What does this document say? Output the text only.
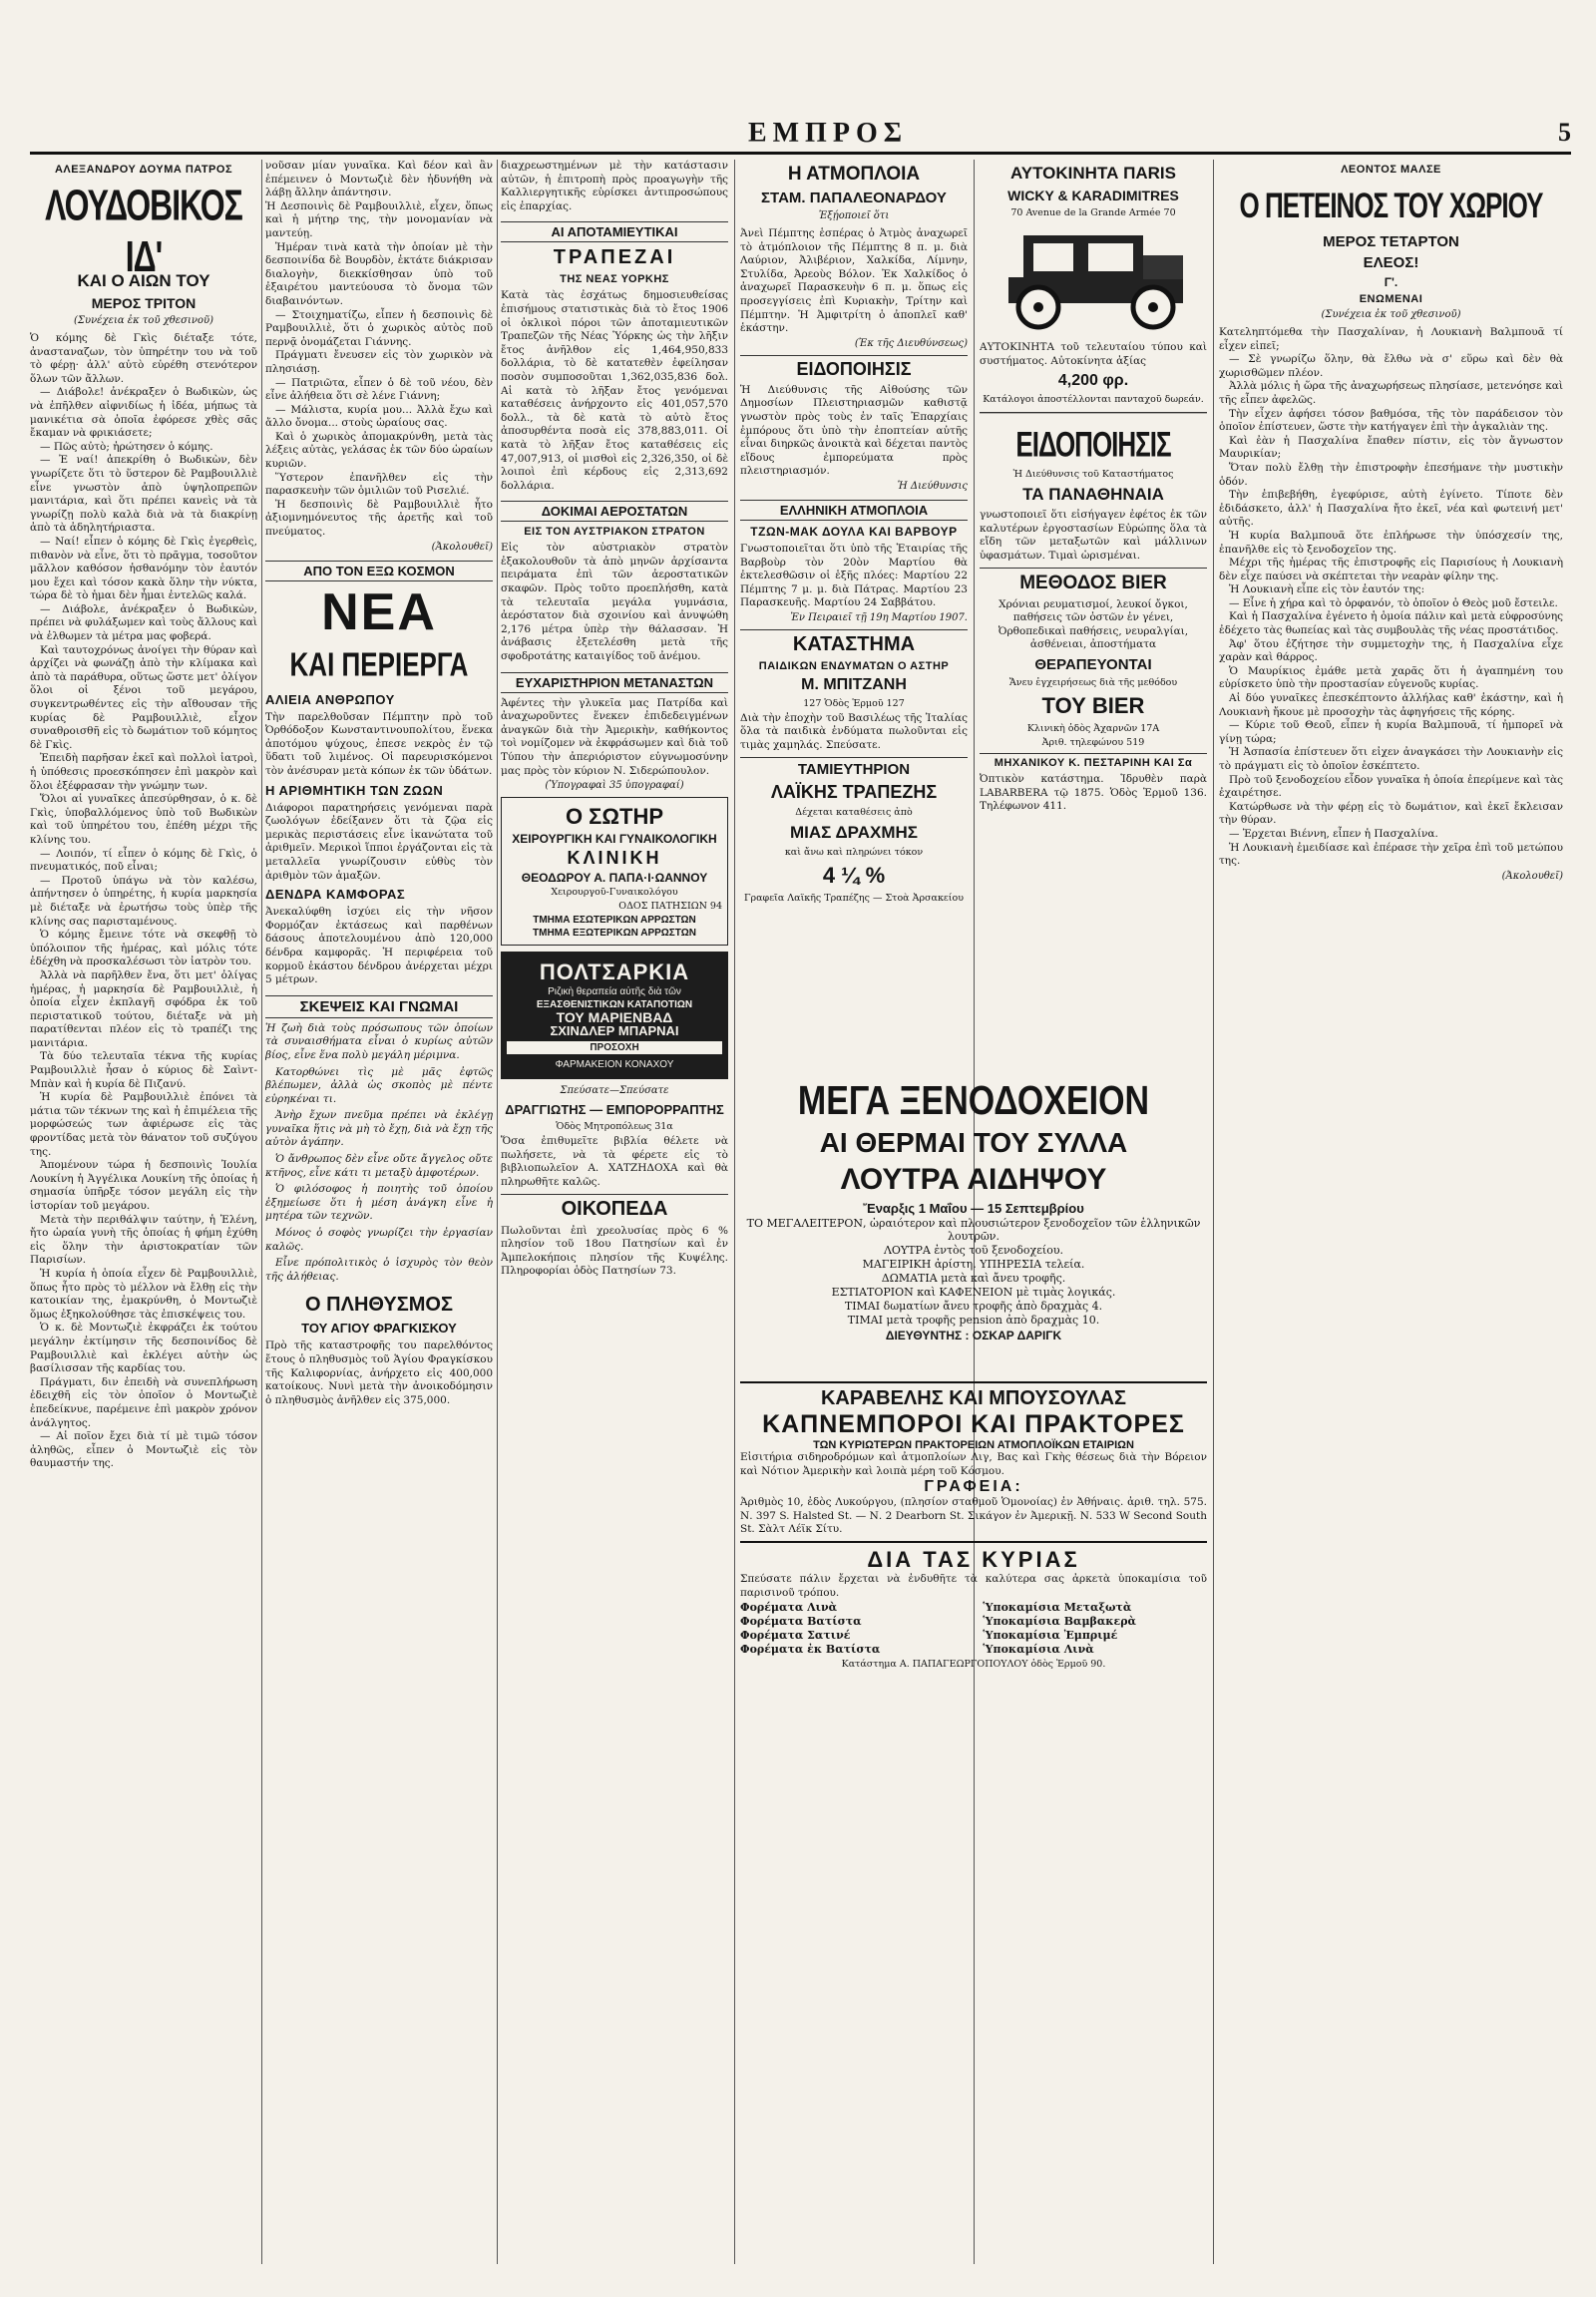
ΕΜΠΡΟΣ	5
ΑΛΕΞΑΝΔΡΟΥ ΔΟΥΜΑ ΠΑΤΡΟΣ
ΛΟΥΔΟΒΙΚΟΣ ΙΔ'
ΚΑΙ Ο ΑΙΩΝ ΤΟΥ
ΜΕΡΟΣ ΤΡΙΤΟΝ
(Συνέχεια ἐκ τοῦ χθεσινοῦ)

Ὁ κόμης δὲ Γκὶς διέταξε τότε, ἀνασταναζων, τὸν ὑπηρέτην του νὰ τοῦ τὸ φέρῃ· ἀλλ' αὐτὸ εὑρέθη στενότερον ὅλων τῶν ἄλλων.

— Διάβολε! ἀνέκραξεν ὁ Βωδικὼν, ὡς νὰ ἐπῆλθεν αἰφνιδίως ἡ ἰδέα, μήπως τὰ μανικέτια σὰ ὁποῖα ἐφόρεσε χθὲς σᾶς ἔκαμαν νὰ φρικιάσετε;

— Πῶς αὐτὸ; ἠρώτησεν ὁ κόμης.

— Ἐ ναί! ἀπεκρίθη ὁ Βωδικὼν, δὲν γνωρίζετε ὅτι τὸ ὕστερον δὲ Ραμβουιλλιὲ εἶνε γνωστὸν ἀπὸ ὑψηλοπρεπῶν μανιτάρια, καὶ ὅτι πρέπει κανεὶς νὰ τὰ γνωρίζῃ πολὺ καλὰ διὰ νὰ τὰ διακρίνῃ ἀπὸ τὰ ἀδηλητήριαστα.

— Ναί! εἶπεν ὁ κόμης δὲ Γκὶς ἐγερθεὶς, πιθανὸν νὰ εἶνε, ὅτι τὸ πρᾶγμα, τοσοῦτον μᾶλλον καθόσον ἠσθανόμην τὸν ἑαυτόν μου ἔχει καὶ τόσον κακὰ ὅλην τὴν νύκτα, τώρα δὲ τὸ ἡμαι δὲν ἦμαι ἐντελῶς καλά.

— Διάβολε, ἀνέκραξεν ὁ Βωδικὼν, πρέπει νὰ φυλάξωμεν καὶ τοὺς ἄλλους καὶ νὰ ἐλθωμεν τὰ μέτρα μας φοβερά.

Καὶ ταυτοχρόνως ἀνοίγει τὴν θύραν καὶ ἀρχίζει νὰ φωνάζῃ ἀπὸ τὴν κλίμακα καὶ ἀπὸ τὰ παράθυρα, οὕτως ὥστε μετ' ὀλίγον ὅλοι οἱ ξένοι τοῦ μεγάρου, συγκεντρωθέντες εἰς τὴν αἴθουσαν τῆς κυρίας δὲ Ραμβουιλλιὲ, εἶχον συναθροισθῆ εἰς τὸ δωμάτιον τοῦ κόμητος δὲ Γκὶς.

Ἐπειδὴ παρῆσαν ἐκεῖ καὶ πολλοὶ ἰατροὶ, ἡ ὑπόθεσις προεσκόπησεν ἐπὶ μακρὸν καὶ ὅλοι ἐξέφρασαν τὴν γνώμην των.

Ὅλοι αἱ γυναῖκες ἀπεσύρθησαν, ὁ κ. δὲ Γκὶς, ὑποβαλλόμενος ὑπὸ τοῦ Βωδικὼν καὶ τοῦ ὑπηρέτου του, ἐπέθη μέχρι τῆς κλίνης του.

— Λοιπόν, τί εἶπεν ὁ κόμης δὲ Γκὶς, ὁ πνευματικός, ποῦ εἶναι;

— Προτοῦ ὑπάγω νὰ τὸν καλέσω, ἀπήντησεν ὁ ὑπηρέτης, ἡ κυρία μαρκησία μὲ διέταξε νὰ ἐρωτήσω τοὺς ὑπὲρ τῆς κλίνης σας παρισταμένους.

Ὁ κόμης ἔμεινε τότε νὰ σκεφθῇ τὸ ὑπόλοιπον τῆς ἡμέρας, καὶ μόλις τότε ἐδέχθη νὰ προσκαλέσωσι τὸν ἰατρὸν του.

Ἀλλὰ νὰ παρῆλθεν ἔνα, ὅτι μετ' ὀλίγας ἡμέρας, ἡ μαρκησία δὲ Ραμβουιλλιὲ, ἡ ὁποία εἶχεν ἐκπλαγῆ σφόδρα ἐκ τοῦ περιστατικοῦ τούτου, διέταξε νὰ μὴ παρατίθενται πλέον εἰς τὸ τραπέζι της μανιτάρια.

Τὰ δύο τελευταῖα τέκνα τῆς κυρίας Ραμβουιλλιὲ ἦσαν ὁ κύριος δὲ Σαὶντ-Μπὰν καὶ ἡ κυρία δὲ Πιζανύ.

Ἡ κυρία δὲ Ραμβουιλλιὲ ἐπόνει τὰ μάτια τῶν τέκνων της καὶ ἡ ἐπιμέλεια τῆς μορφώσεώς των ἀφιέρωσε εἰς τὰς φροντίδας μετὰ τὸν θάνατον τοῦ συζύγου της.

Ἀπομένουν τώρα ἡ δεσποινὶς Ἰουλία Λουκίνη ἡ Ἀγγέλικα Λουκίνη τῆς ὁποίας ἡ σημασία ὑπῆρξε τόσον μεγάλη εἰς τὴν ἱστορίαν τοῦ μεγάρου.

Μετὰ τὴν περιθάλψιν ταύτην, ἡ Ἐλένη, ἤτο ὡραία γυνὴ τῆς ὁποίας ἡ φήμη ἐχύθη εἰς ὅλην τὴν ἀριστοκρατίαν τῶν Παρισίων.

Ἡ κυρία ἡ ὁποία εἶχεν δὲ Ραμβουιλλιὲ, ὅπως ἦτο πρὸς τὸ μέλλον νὰ ἔλθῃ εἰς τὴν κατοικίαν της, ἐμακρύνθη, ὁ Μοντωζιὲ ὅμως ἐξηκολούθησε τὰς ἐπισκέψεις του.

Ὁ κ. δὲ Μοντωζιὲ ἐκφράζει ἐκ τούτου μεγάλην ἐκτίμησιν τῆς δεσποινίδος δὲ Ραμβουιλλιὲ καὶ ἐκλέγει αὐτὴν ὡς βασίλισσαν τῆς καρδίας του.

Πράγματι, διν ἐπειδὴ νὰ συνεπλήρωση ἐδειχθῆ εἰς τὸν ὁποῖον ὁ Μοντωζιὲ ἐπεδείκνυε, παρέμεινε ἐπὶ μακρὸν χρόνον ἀνάλγητος.

— Αἱ ποῖον ἔχει διὰ τί μὲ τιμῶ τόσον ἀληθῶς, εἶπεν ὁ Μοντωζιὲ εἰς τὸν θαυμαστήν της.

νοῦσαν μίαν γυναῖκα. Καὶ δέον καὶ ἂν ἐπέμεινεν ὁ Μοντωζιὲ δὲν ἠδυνήθη νὰ λάβῃ ἄλλην ἀπάντησιν.

Ἡ Δεσποινὶς δὲ Ραμβουιλλιὲ, εἶχεν, ὅπως καὶ ἡ μήτηρ της, τὴν μονομανίαν νὰ μαντεύῃ.

Ἡμέραν τινὰ κατὰ τὴν ὁποίαν μὲ τὴν δεσποινίδα δὲ Βουρδὸν, ἐκτάτε διάκρισαν διαλογὴν, διεκκίσθησαν ὑπὸ τοῦ ἐξαιρέτου μαντεύουσα τὸ ὄνομα τῶν διαβαινόντων.

— Στοιχηματίζω, εἶπεν ἡ δεσποινὶς δὲ Ραμβουιλλιὲ, ὅτι ὁ χωρικὸς αὐτὸς ποῦ περνᾷ ὀνομάζεται Γιάννης.

Πράγματι ἔνευσεν εἰς τὸν χωρικὸν νὰ πλησιάσῃ.

— Πατριῶτα, εἶπεν ὁ δὲ τοῦ νέου, δὲν εἶνε ἀλήθεια ὅτι σὲ λένε Γιάννη;

— Μάλιστα, κυρία μου... Ἀλλὰ ἔχω καὶ ἄλλο ὄνομα... στοὺς ὡραίους σας.

Καὶ ὁ χωρικὸς ἀπομακρύνθη, μετὰ τὰς λέξεις αὐτὰς, γελάσας ἐκ τῶν δύο ὡραίων κυριῶν.

Ὕστερον ἐπανῆλθεν εἰς τὴν παρασκευὴν τῶν ὁμιλιῶν τοῦ Ρισελιέ.

Ἡ δεσποινὶς δὲ Ραμβουιλλιὲ ἦτο ἀξιομνημόνευτος τῆς ἀρετῆς καὶ τοῦ πνεύματος.

(Ἀκολουθεῖ)
ΑΠΟ ΤΟΝ ΕΞΩ ΚΟΣΜΟΝ
ΝΕΑ
ΚΑΙ ΠΕΡΙΕΡΓΑ
ΑΛΙΕΙΑ ΑΝΘΡΩΠΟΥ

Τὴν παρελθοῦσαν Πέμπτην πρὸ τοῦ Ὀρθόδοξον Κωνσταντινουπολίτου, ἕνεκα ἀποτόμου ψύχους, ἐπεσε νεκρὸς ἐν τῷ ὕδατι τοῦ λιμένος. Οἱ παρευρισκόμενοι τὸν ἀνέσυραν μετὰ κόπων ἐκ τῶν ὑδάτων.

Η ΑΡΙΘΜΗΤΙΚΗ ΤΩΝ ΖΩΩΝ

Διάφοροι παρατηρήσεις γενόμεναι παρὰ ζωολόγων ἐδείξανεν ὅτι τὰ ζῷα εἰς μερικὰς περιστάσεις εἶνε ἱκανώτατα τοῦ ἀριθμεῖν. Μερικοὶ ἵπποι ἐργάζονται εἰς τὰ μεταλλεῖα γνωρίζουσιν εὐθὺς τὸν ἀριθμὸν τῶν ἁμαξῶν.

ΔΕΝΔΡΑ ΚΑΜΦΟΡΑΣ

Ἀνεκαλύφθη ἰσχύει εἰς τὴν νῆσον Φορμόζαν ἐκτάσεως καὶ παρθένων δάσους ἀποτελουμένου ἀπὸ 120,000 δένδρα καμφορᾶς. Ἡ περιφέρεια τοῦ κορμοῦ ἑκάστου δένδρου ἀνέρχεται μέχρι 5 μέτρων.

ΣΚΕΨΕΙΣ ΚΑΙ ΓΝΩΜΑΙ

Ἡ ζωὴ διὰ τοὺς πρόσωπους τῶν ὁποίων τὰ συναισθήματα εἶναι ὁ κυρίως αὐτῶν βίος, εἶνε ἕνα πολὺ μεγάλη μέριμνα.

Κατορθώνει τὶς μὲ μᾶς ἐφτῶς βλέπωμεν, ἀλλὰ ὡς σκοπὸς μὲ πέντε εὑρηκέναι τι.

Ἀνὴρ ἔχων πνεῦμα πρέπει νὰ ἐκλέγῃ γυναῖκα ἥτις νὰ μὴ τὸ ἔχῃ, διὰ νὰ ἔχῃ τῆς αὐτὸν ἀγάπην.

Ὁ ἄνθρωπος δὲν εἶνε οὔτε ἄγγελος οὔτε κτῆνος, εἶνε κάτι τι μεταξὺ ἀμφοτέρων.

Ὁ φιλόσοφος ἡ ποιητὴς τοῦ ὁποίου ἐξημείωσε ὅτι ἡ μέση ἀνάγκη εἶνε ἡ μητέρα τῶν τεχνῶν.

Μόνος ὁ σοφὸς γνωρίζει τὴν ἐργασίαν καλῶς.

Εἶνε πρόπολιτικὸς ὁ ἰσχυρὸς τὸν θεὸν τῆς ἀλήθειας.

Ο ΠΛΗΘΥΣΜΟΣ
ΤΟΥ ΑΓΙΟΥ ΦΡΑΓΚΙΣΚΟΥ

Πρὸ τῆς καταστροφῆς του παρελθόντος ἔτους ὁ πληθυσμὸς τοῦ Ἁγίου Φραγκίσκου τῆς Καλιφορνίας, ἀνήρχετο εἰς 400,000 κατοίκους. Νυνὶ μετὰ τὴν ἀνοικοδόμησιν ὁ πληθυσμὸς ἀνῆλθεν εἰς 375,000.

διαχρεωστημένων μὲ τὴν κατάστασιν αὐτῶν, ἡ ἐπιτροπὴ πρὸς προαγωγὴν τῆς Καλλιεργητικῆς εὑρίσκει ἀντιπροσώπους εἰς ἐπαρχίας.

ΑΙ ΑΠΟΤΑΜΙΕΥΤΙΚΑΙ
ΤΡΑΠΕΖΑΙ
ΤΗΣ ΝΕΑΣ ΥΟΡΚΗΣ

Κατὰ τὰς ἐσχάτως δημοσιευθείσας ἐπισήμους στατιστικὰς διὰ τὸ ἔτος 1906 οἱ ὀκλικοὶ πόροι τῶν ἀποταμιευτικῶν Τραπεζῶν τῆς Νέας Ὑόρκης ὡς τὴν λῆξιν ἔτος ἀνῆλθον εἰς 1,464,950,833 δολλάρια, τὸ δὲ κατατεθὲν ἐφείλησαν ποσὸν συμποσοῦται 1,362,035,836 δολ. Αἱ κατὰ τὸ λῆξαν ἔτος γενόμεναι καταθέσεις ἀνήρχοντο εἰς 401,057,570 δολλ., τὰ δὲ κατὰ τὸ αὐτὸ ἔτος ἀποσυρθέντα ποσὰ εἰς 378,883,011. Οἱ κατὰ τὸ λῆξαν ἔτος καταθέσεις εἰς 47,007,913, οἱ μισθοὶ εἰς 2,326,350, οἱ δὲ λοιποὶ ἐπὶ κέρδους εἰς 2,313,692 δολλάρια.

ΔΟΚΙΜΑΙ ΑΕΡΟΣΤΑΤΩΝ
ΕΙΣ ΤΟΝ ΑΥΣΤΡΙΑΚΟΝ ΣΤΡΑΤΟΝ

Εἰς τὸν αὐστριακὸν στρατὸν ἐξακολουθοῦν τὰ ἀπὸ μηνῶν ἀρχίσαντα πειράματα ἐπὶ τῶν ἀεροστατικῶν σκαφῶν. Πρὸς τοῦτο προεπλήσθη, κατὰ τὰ τελευταῖα μεγάλα γυμνάσια, ἀερόστατον διὰ σχοινίου καὶ ἀνυψώθη 2,176 μέτρα ὑπὲρ τὴν θάλασσαν. Ἡ ἀνάβασις ἐξετελέσθη μετὰ τῆς σφοδροτάτης καταιγίδος τοῦ ἀνέμου.

ΕΥΧΑΡΙΣΤΗΡΙΟΝ ΜΕΤΑΝΑΣΤΩΝ

Ἀφέντες τὴν γλυκεῖα μας Πατρίδα καὶ ἀναχωροῦντες ἕνεκεν ἐπιδεδειγμένων ἀναγκῶν διὰ τὴν Ἀμερικὴν, καθήκοντος τοὶ νομίζομεν νὰ ἐκφράσωμεν καὶ διὰ τοῦ Τύπου τὴν ἀπεριόριστον εὐγνωμοσύνην μας πρὸς τὸν κύριον Ν. Σιδερώπουλον.

(Ὑπογραφαὶ 35 ὑπογραφαί)
Ο ΣΩΤΗΡ
ΧΕΙΡΟΥΡΓΙΚΗ ΚΑΙ ΓΥΝΑΙΚΟΛΟΓΙΚΗ
ΚΛΙΝΙΚΗ
ΘΕΟΔΩΡΟΥ Α. ΠΑΠΑ·Ι·ΩΑΝΝΟΥ
Χειρουργοῦ-Γυναικολόγου
ΟΔΟΣ ΠΑΤΗΣΙΩΝ 94
ΤΜΗΜΑ ΕΣΩΤΕΡΙΚΩΝ ΑΡΡΩΣΤΩΝ
ΤΜΗΜΑ ΕΞΩΤΕΡΙΚΩΝ ΑΡΡΩΣΤΩΝ
ΠΟΛΤΣΑΡΚΙΑ
Ριζικὴ θεραπεία αὐτῆς διὰ τῶν
ΕΞΑΣΘΕΝΙΣΤΙΚΩΝ ΚΑΤΑΠΟΤΙΩΝ
ΤΟΥ ΜΑΡΙΕΝΒΑΔ
ΣΧΙΝΔΛΕΡ ΜΠΑΡΝΑΙ
ΠΡΟΣΟΧΗ
ΦΑΡΜΑΚΕΙΟΝ ΚΟΝΑΧΟΥ
Σπεύσατε—Σπεύσατε
ΔΡΑΓΓΙΩΤΗΣ — ΕΜΠΟΡΟΡΡΑΠΤΗΣ
Ὁδὸς Μητροπόλεως 31α

Ὅσα ἐπιθυμεῖτε βιβλία θέλετε νὰ πωλήσετε, νὰ τὰ φέρετε εἰς τὸ βιβλιοπωλεῖον Α. ΧΑΤΖΗΔΟΧΑ καὶ θὰ πληρωθῆτε καλῶς.

ΟΙΚΟΠΕΔΑ

Πωλοῦνται ἐπὶ χρεολυσίας πρὸς 6 % πλησίον τοῦ 18ου Πατησίων καὶ ἐν Ἀμπελοκήποις πλησίον τῆς Κυψέλης. Πληροφορίαι ὁδὸς Πατησίων 73.

Η ΑΤΜΟΠΛΟΙΑ
ΣΤΑΜ. ΠΑΠΑΛΕΟΝΑΡΔΟΥ
Ἐξῄοποιεῖ ὅτι

Ἀνεὶ Πέμπτης ἑσπέρας ὁ Ἀτμὸς ἀναχωρεῖ τὸ ἀτμόπλοιον τῆς Πέμπτης 8 π. μ. διὰ Λαύριον, Ἀλιβέριον, Χαλκίδα, Λίμνην, Στυλίδα, Ἀρεοὺς Βόλον. Ἐκ Χαλκίδος ὁ ἀναχωρεῖ Παρασκευὴν 6 π. μ. ὅπως εἰς προσεγγίσεις ἐπὶ Κυριακὴν, Τρίτην καὶ Πέμπτην. Ἡ Ἀμφιτρίτη ὁ ἀποπλεῖ καθ' ἑκάστην.

(Ἐκ τῆς Διευθύνσεως)
ΕΙΔΟΠΟΙΗΣΙΣ

Ἡ Διεύθυνσις τῆς Αἰθούσης τῶν Δημοσίων Πλειστηριασμῶν καθιστᾷ γνωστὸν πρὸς τοὺς ἐν ταῖς Ἐπαρχίαις ἐμπόρους ὅτι ὑπὸ τὴν ἐποπτείαν αὐτῆς εἶναι διηρκῶς ἀνοικτὰ καὶ δέχεται παντὸς εἴδους ἐμπορεύματα πρὸς πλειστηριασμόν.

Ἡ Διεύθυνσις
ΕΛΛΗΝΙΚΗ ΑΤΜΟΠΛΟΙΑ
ΤΖΩΝ-ΜΑΚ ΔΟΥΛΑ ΚΑΙ ΒΑΡΒΟΥΡ

Γνωστοποιεῖται ὅτι ὑπὸ τῆς Ἑταιρίας τῆς Βαρβοὺρ τὸν 20ὸν Μαρτίου θὰ ἐκτελεσθῶσιν οἱ ἑξῆς πλόες: Μαρτίου 22 Πέμπτης 7 μ. μ. διὰ Πάτρας. Μαρτίου 23 Παρασκευῆς. Μαρτίου 24 Σαββάτου.

Ἐν Πειραιεῖ τῇ 19η Μαρτίου 1907.
ΚΑΤΑΣΤΗΜΑ
ΠΑΙΔΙΚΩΝ ΕΝΔΥΜΑΤΩΝ Ο ΑΣΤΗΡ
Μ. ΜΠΙΤΖΑΝΗ
127 Ὁδὸς Ἑρμοῦ 127

Διὰ τὴν ἐποχὴν τοῦ Βασιλέως τῆς Ἰταλίας ὅλα τὰ παιδικὰ ἐνδύματα πωλοῦνται εἰς τιμὰς χαμηλάς. Σπεύσατε.

ΤΑΜΙΕΥΤΗΡΙΟΝ
ΛΑΪΚΗΣ ΤΡΑΠΕΖΗΣ
Δέχεται καταθέσεις ἀπὸ
ΜΙΑΣ ΔΡΑΧΜΗΣ
καὶ ἄνω καὶ πληρώνει τόκον
4 ¼ %
Γραφεῖα Λαϊκῆς Τραπέζης — Στοὰ Ἀρσακείου
ΑΥΤΟΚΙΝΗΤΑ ΠΑRIS
WICKY & KARADIMITRES
70 Avenue de la Grande Armée 70

ΑΥΤΟΚΙΝΗΤΑ τοῦ τελευταίου τύπου καὶ συστήματος. Αὐτοκίνητα ἀξίας

4,200 φρ.
Κατάλογοι ἀποστέλλονται πανταχοῦ δωρεάν.
ΕΙΔΟΠΟΙΗΣΙΣ
Ἡ Διεύθυνσις τοῦ Καταστήματος
ΤΑ ΠΑΝΑΘΗΝΑΙΑ

γνωστοποιεῖ ὅτι εἰσήγαγεν ἐφέτος ἐκ τῶν καλυτέρων ἐργοστασίων Εὐρώπης ὅλα τὰ εἴδη τῶν μεταξωτῶν καὶ μάλλινων ὑφασμάτων. Τιμαὶ ὡρισμέναι.

ΜΕΘΟΔΟΣ BIER

Χρόνιαι ρευματισμοί, λευκοί ὄγκοι, παθήσεις τῶν ὀστῶν ἐν γένει, Ὀρθοπεδικαὶ παθήσεις, νευραλγίαι, ἀσθένειαι, ἀποστήματα

ΘΕΡΑΠΕΥΟΝΤΑΙ
Ἄνευ ἐγχειρήσεως διὰ τῆς μεθόδου
ΤΟΥ BIER
Κλινικὴ ὁδὸς Ἀχαρνῶν 17Α
Ἀριθ. τηλεφώνου 519
ΜΗΧΑΝΙΚΟΥ Κ. ΠΕΣΤΑΡΙΝΗ ΚΑΙ Σα

Ὀπτικὸν κατάστημα. Ἱδρυθὲν παρὰ LABARBERA τῷ 1875. Ὁδὸς Ἑρμοῦ 136. Τηλέφωνον 411.

ΜΕΓΑ ΞΕΝΟΔΟΧΕΙΟΝ
ΑΙ ΘΕΡΜΑΙ ΤΟΥ ΣΥΛΛΑ
ΛΟΥΤΡΑ ΑΙΔΗΨΟΥ
Ἔναρξις 1 Μαΐου — 15 Σεπτεμβρίου
ΤΟ ΜΕΓΑΛΕΙΤΕΡΟΝ, ὡραιότερον καὶ πλουσιώτερον ξενοδοχεῖον τῶν ἑλληνικῶν λουτρῶν.
ΛΟΥΤΡΑ ἐντὸς τοῦ ξενοδοχείου.
ΜΑΓΕΙΡΙΚΗ ἀρίστη. ΥΠΗΡΕΣΙΑ τελεία.
ΔΩΜΑΤΙΑ μετὰ καὶ ἄνευ τροφῆς.
ΕΣΤΙΑΤΟΡΙΟΝ καὶ ΚΑΦΕΝΕΙΟΝ μὲ τιμὰς λογικάς.
ΤΙΜΑΙ δωματίων ἄνευ τροφῆς ἀπὸ δραχμὰς 4.
ΤΙΜΑΙ μετὰ τροφῆς pension ἀπὸ δραχμὰς 10.
ΔΙΕΥΘΥΝΤΗΣ : ΟΣΚΑΡ ΔΑΡΙΓΚ
ΚΑΡΑΒΕΛΗΣ ΚΑΙ ΜΠΟΥΣΟΥΛΑΣ
ΚΑΠΝΕΜΠΟΡΟΙ ΚΑΙ ΠΡΑΚΤΟΡΕΣ
ΤΩΝ ΚΥΡΙΩΤΕΡΩΝ ΠΡΑΚΤΟΡΕΙΩΝ ΑΤΜΟΠΛΟΪΚΩΝ ΕΤΑΙΡΙΩΝ

Εἰσιτήρια σιδηροδρόμων καὶ ἀτμοπλοίων Λιγ, Βας καὶ Γκὴς θέσεως διὰ τὴν Βόρειον καὶ Νότιον Ἀμερικὴν καὶ λοιπὰ μέρη τοῦ Κόσμου.

ΓΡΑΦΕΙΑ:

Ἀριθμὸς 10, ἐδὸς Λυκούργου, (πλησίον σταθμοῦ Ὁμονοίας) ἐν Ἀθήναις. ἀριθ. τηλ. 575. Ν. 397 S. Halsted St. — Ν. 2 Dearborn St. Σικάγον ἐν Ἀμερικῇ. Ν. 533 W Second South St. Σὰλτ Λέϊκ Σίτυ.

ΔΙΑ ΤΑΣ ΚΥΡΙΑΣ

Σπεύσατε πάλιν ἔρχεται νὰ ἐνδυθῆτε τὰ καλύτερα σας ἀρκετὰ ὑποκαμίσια τοῦ παρισινοῦ τρόπου.

Φορέματα Λινὰ
Φορέματα Βατίστα
Φορέματα Σατινέ
Φορέματα ἐκ Βατίστα
Ὑποκαμίσια Μεταξωτὰ
Ὑποκαμίσια Βαμβακερὰ
Ὑποκαμίσια Ἐμπριμέ
Ὑποκαμίσια Λινὰ
Κατάστημα Α. ΠΑΠΑΓΕΩΡΓΟΠΟΥΛΟΥ ὁδὸς Ἑρμοῦ 90.
ΛΕΟΝΤΟΣ ΜΑΛΣΕ
Ο ΠΕΤΕΙΝΟΣ ΤΟΥ ΧΩΡΙΟΥ
ΜΕΡΟΣ ΤΕΤΑΡΤΟΝ
ΕΛΕΟΣ!
Γ'.
ΕΝΩΜΕΝΑΙ
(Συνέχεια ἐκ τοῦ χθεσινοῦ)

Κατεληπτόμεθα τὴν Πασχαλίναν, ἡ Λουκιανὴ Βαλμπουᾶ τί εἶχεν εἰπεῖ;

— Σὲ γνωρίζω ὅλην, θὰ ἔλθω νὰ σ' εὕρω καὶ δὲν θὰ χωρισθῶμεν πλέον.

Ἀλλὰ μόλις ἡ ὥρα τῆς ἀναχωρήσεως πλησίασε, μετενόησε καὶ τῆς εἶπεν ἀφελῶς.

Τὴν εἶχεν ἀφήσει τόσον βαθμόσα, τῆς τὸν παράδεισον τὸν ὁποῖον ἐπίστευεν, ὥστε τὴν κατήγαγεν ἐπὶ τὴν ἀγκαλιὰν της.

Καὶ ἐὰν ἡ Πασχαλίνα ἔπαθεν πίστιν, εἰς τὸν ἄγνωστον Μαυρικίαν;

Ὅταν πολὺ ἔλθῃ τὴν ἐπιστροφὴν ἐπεσήμανε τὴν μυστικὴν ὁδόν.

Τὴν ἐπιβεβήθη, ἐγεφύρισε, αὐτὴ ἐγίνετο. Τίποτε δὲν ἐδιδάσκετο, ἀλλ' ἡ Πασχαλίνα ἤτο ἐκεῖ, νέα καὶ φωτεινή μετ' αὐτῆς.

Ἡ κυρία Βαλμπουᾶ ὅτε ἐπλήρωσε τὴν ὑπόσχεσίν της, ἐπανῆλθε εἰς τὸ ξενοδοχεῖον της.

Μέχρι τῆς ἡμέρας τῆς ἐπιστροφῆς εἰς Παρισίους ἡ Λουκιανὴ δὲν εἶχε παύσει νὰ σκέπτεται τὴν νεαρὰν φίλην της.

Ἡ Λουκιανὴ εἶπε εἰς τὸν ἑαυτόν της:

— Εἶνε ἡ χήρα καὶ τὸ ὀρφανόν, τὸ ὁποῖον ὁ Θεὸς μοῦ ἔστειλε.

Καὶ ἡ Πασχαλίνα ἐγένετο ἡ ὁμοία πάλιν καὶ μετὰ εὐφροσύνης ἐδέχετο τὰς θωπείας καὶ τὰς συμβουλὰς τῆς νέας προστάτιδος.

Ἀφ' ὅτου ἐζήτησε τὴν συμμετοχὴν της, ἡ Πασχαλίνα εἶχε χαρὰν καὶ θάρρος.

Ὁ Μαυρίκιος ἐμάθε μετὰ χαρᾶς ὅτι ἡ ἀγαπημένη του εὑρίσκετο ὑπὸ τὴν προστασίαν εὐγενοῦς κυρίας.

Αἱ δύο γυναῖκες ἐπεσκέπτοντο ἀλλήλας καθ' ἑκάστην, καὶ ἡ Λουκιανὴ ἤκουε μὲ προσοχὴν τὰς ἀφηγήσεις τῆς κόρης.

— Κύριε τοῦ Θεοῦ, εἶπεν ἡ κυρία Βαλμπουᾶ, τί ἠμπορεῖ νὰ γίνῃ τώρα;

Ἡ Ἀσπασία ἐπίστευεν ὅτι εἰχεν ἀναγκάσει τὴν Λουκιανὴν εἰς τὸ πράγματι εἰς τὸ ὁποῖον ἐσκέπτετο.

Πρὸ τοῦ ξενοδοχείου εἶδον γυναῖκα ἡ ὁποία ἐπερίμενε καὶ τὰς ἐχαιρέτησε.

Κατώρθωσε νὰ τὴν φέρῃ εἰς τὸ δωμάτιον, καὶ ἐκεῖ ἔκλεισαν τὴν θύραν.

— Ἐρχεται Βιέννη, εἶπεν ἡ Πασχαλίνα.

Ἡ Λουκιανὴ ἐμειδίασε καὶ ἐπέρασε τὴν χεῖρα ἐπὶ τοῦ μετώπου της.

(Ἀκολουθεῖ)
